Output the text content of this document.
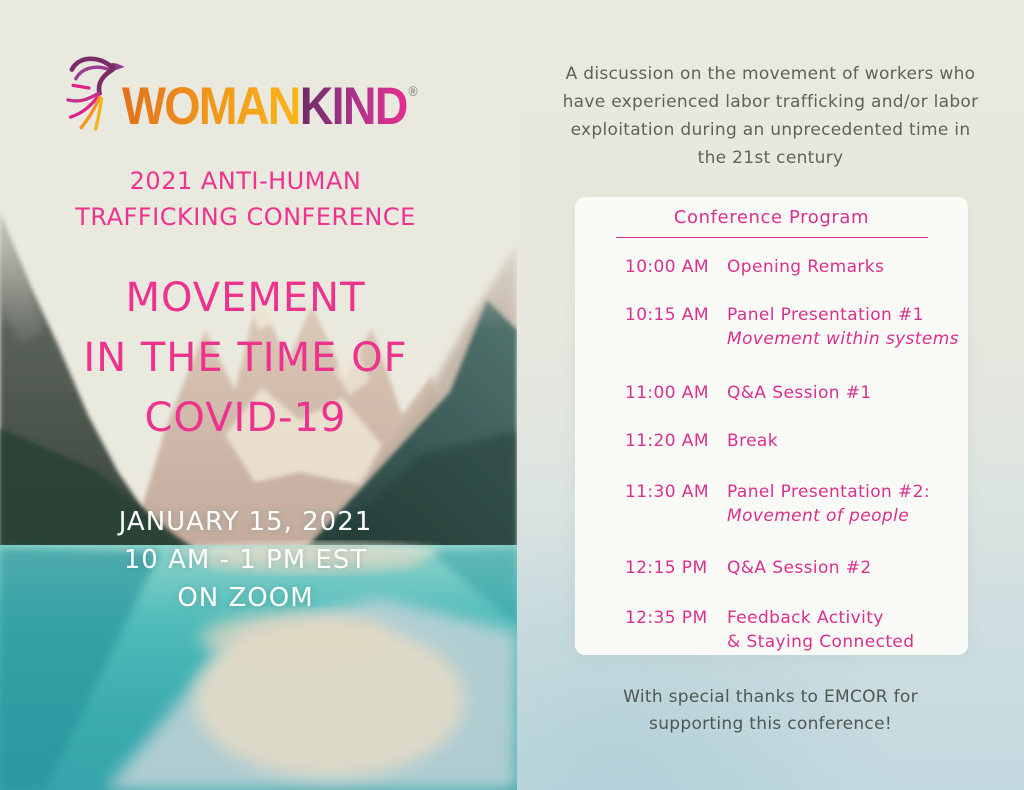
WOMANKIND ®
2021 ANTI-HUMAN
TRAFFICKING CONFERENCE
MOVEMENT
IN THE TIME OF
COVID-19
JANUARY 15, 2021
10 AM - 1 PM EST
ON ZOOM
A discussion on the movement of workers who
have experienced labor trafficking and/or labor
exploitation during an unprecedented time in
the 21st century
Conference Program
10:00 AM	Opening Remarks
10:15 AM	Panel Presentation #1
Movement within systems
11:00 AM	Q&A Session #1
11:20 AM	Break
11:30 AM	Panel Presentation #2:
Movement of people
12:15 PM	Q&A Session #2
12:35 PM	Feedback Activity
& Staying Connected
With special thanks to EMCOR for
supporting this conference!
